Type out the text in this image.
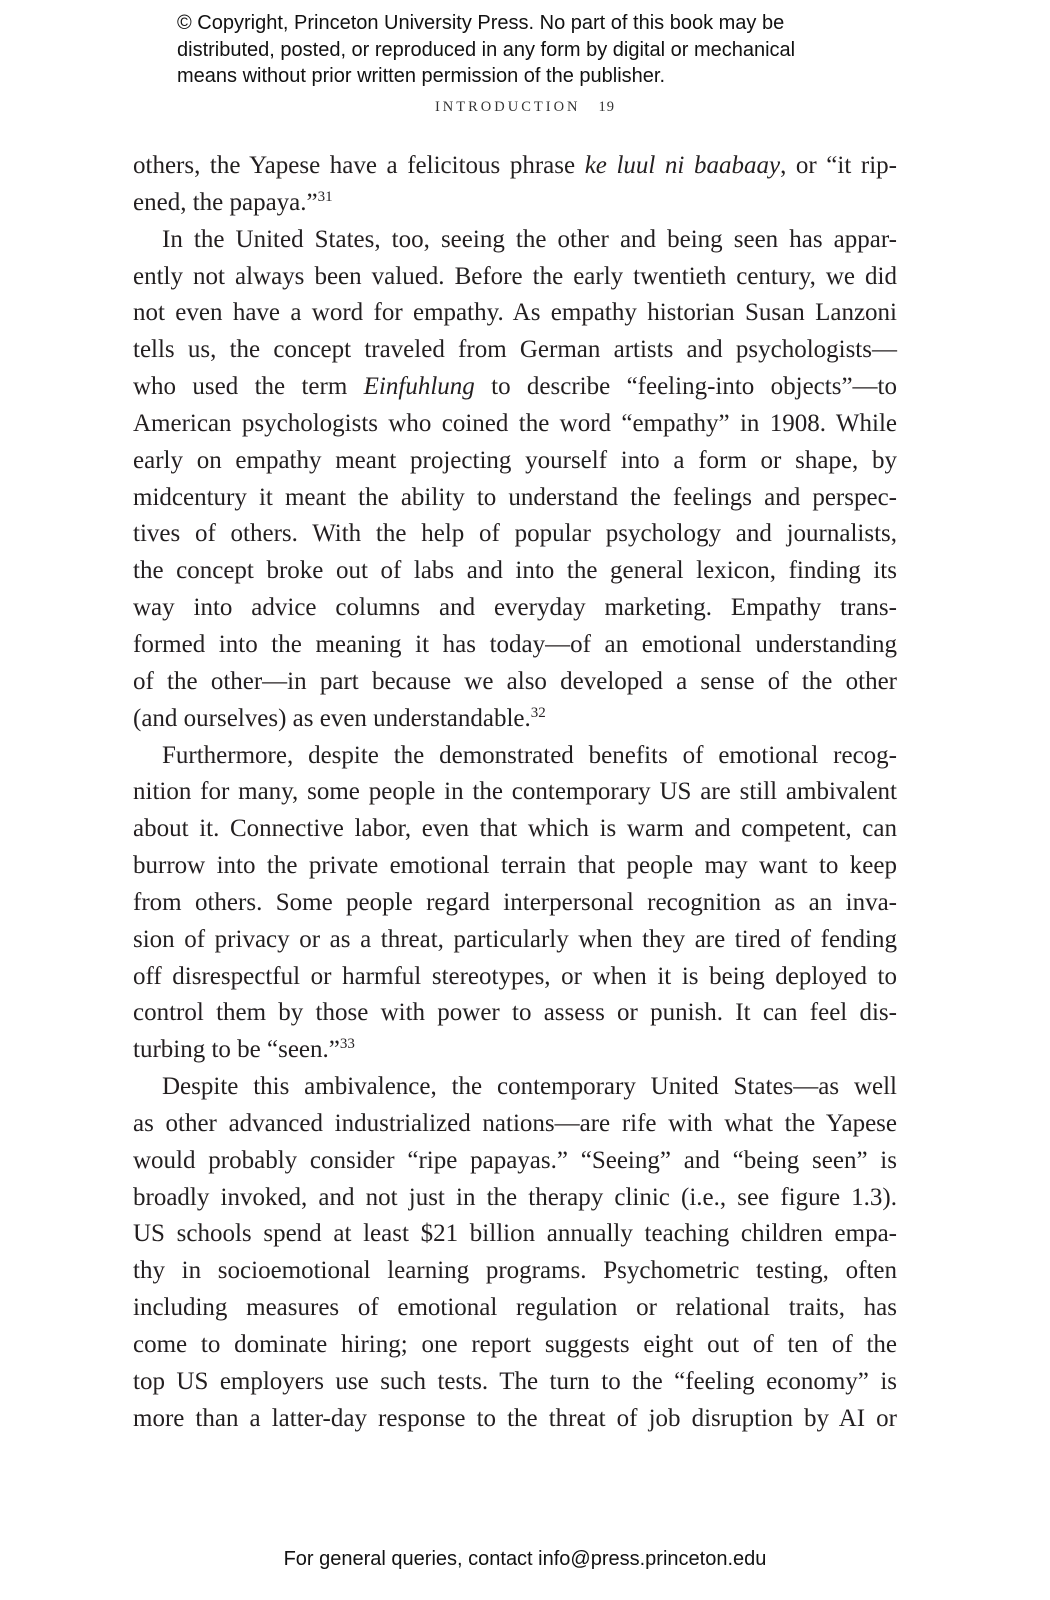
© Copyright, Princeton University Press. No part of this book may be
distributed, posted, or reproduced in any form by digital or mechanical
means without prior written permission of the publisher.
INTRODUCTION 19
others, the Yapese have a felicitous phrase ke luul ni baabaay, or “it rip-
ened, the papaya.”$^{31}$
In the United States, too, seeing the other and being seen has appar-
ently not always been valued. Before the early twentieth century, we did
not even have a word for empathy. As empathy historian Susan Lanzoni
tells us, the concept traveled from German artists and psychologists—
who used the term Einfuhlung to describe “feeling-into objects”—to
American psychologists who coined the word “empathy” in 1908. While
early on empathy meant projecting yourself into a form or shape, by
midcentury it meant the ability to understand the feelings and perspec-
tives of others. With the help of popular psychology and journalists,
the concept broke out of labs and into the general lexicon, finding its
way into advice columns and everyday marketing. Empathy trans-
formed into the meaning it has today—of an emotional understanding
of the other—in part because we also developed a sense of the other
(and ourselves) as even understandable.$^{32}$
Furthermore, despite the demonstrated benefits of emotional recog-
nition for many, some people in the contemporary US are still ambivalent
about it. Connective labor, even that which is warm and competent, can
burrow into the private emotional terrain that people may want to keep
from others. Some people regard interpersonal recognition as an inva-
sion of privacy or as a threat, particularly when they are tired of fending
off disrespectful or harmful stereotypes, or when it is being deployed to
control them by those with power to assess or punish. It can feel dis-
turbing to be “seen.”$^{33}$
Despite this ambivalence, the contemporary United States—as well
as other advanced industrialized nations—are rife with what the Yapese
would probably consider “ripe papayas.” “Seeing” and “being seen” is
broadly invoked, and not just in the therapy clinic (i.e., see figure 1.3).
US schools spend at least $21 billion annually teaching children empa-
thy in socioemotional learning programs. Psychometric testing, often
including measures of emotional regulation or relational traits, has
come to dominate hiring; one report suggests eight out of ten of the
top US employers use such tests. The turn to the “feeling economy” is
more than a latter-day response to the threat of job disruption by AI or
For general queries, contact info@press.princeton.edu
